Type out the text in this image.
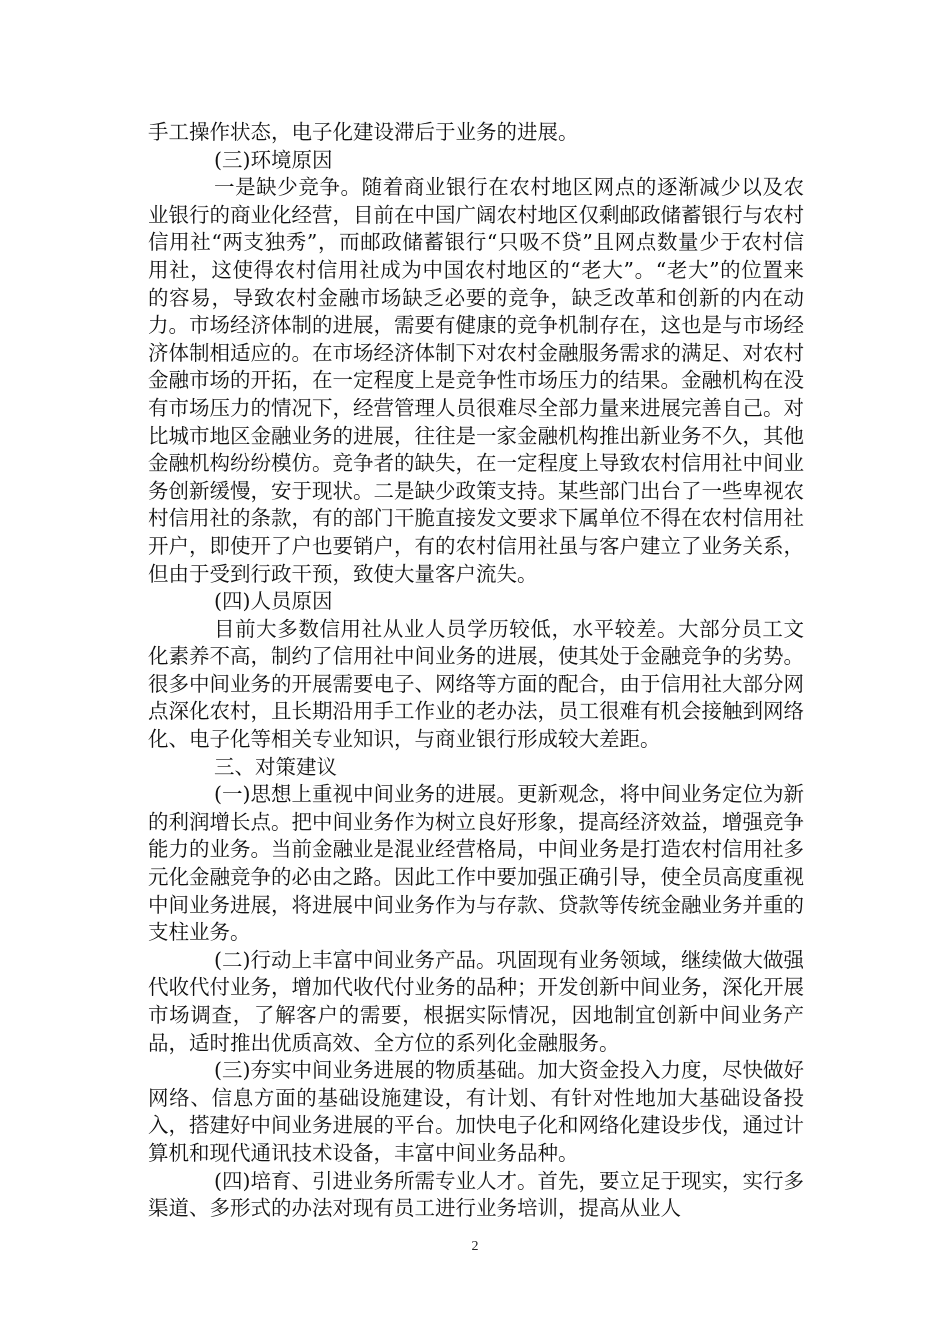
手工操作状态，电子化建设滞后于业务的进展。

(三)环境原因

一是缺少竞争。随着商业银行在农村地区网点的逐渐减少以及农业银行的商业化经营，目前在中国广阔农村地区仅剩邮政储蓄银行与农村信用社“两支独秀”，而邮政储蓄银行“只吸不贷”且网点数量少于农村信用社，这使得农村信用社成为中国农村地区的“老大”。“老大”的位置来的容易，导致农村金融市场缺乏必要的竞争，缺乏改革和创新的内在动力。市场经济体制的进展，需要有健康的竞争机制存在，这也是与市场经济体制相适应的。在市场经济体制下对农村金融服务需求的满足、对农村金融市场的开拓，在一定程度上是竞争性市场压力的结果。金融机构在没有市场压力的情况下，经营管理人员很难尽全部力量来进展完善自己。对比城市地区金融业务的进展，往往是一家金融机构推出新业务不久，其他金融机构纷纷模仿。竞争者的缺失，在一定程度上导致农村信用社中间业务创新缓慢，安于现状。二是缺少政策支持。某些部门出台了一些卑视农村信用社的条款，有的部门干脆直接发文要求下属单位不得在农村信用社开户，即使开了户也要销户，有的农村信用社虽与客户建立了业务关系，但由于受到行政干预，致使大量客户流失。

(四)人员原因

目前大多数信用社从业人员学历较低，水平较差。大部分员工文化素养不高，制约了信用社中间业务的进展，使其处于金融竞争的劣势。很多中间业务的开展需要电子、网络等方面的配合，由于信用社大部分网点深化农村，且长期沿用手工作业的老办法，员工很难有机会接触到网络化、电子化等相关专业知识，与商业银行形成较大差距。

三、对策建议

(一)思想上重视中间业务的进展。更新观念，将中间业务定位为新的利润增长点。把中间业务作为树立良好形象，提高经济效益，增强竞争能力的业务。当前金融业是混业经营格局，中间业务是打造农村信用社多元化金融竞争的必由之路。因此工作中要加强正确引导，使全员高度重视中间业务进展，将进展中间业务作为与存款、贷款等传统金融业务并重的支柱业务。

(二)行动上丰富中间业务产品。巩固现有业务领域，继续做大做强代收代付业务，增加代收代付业务的品种；开发创新中间业务，深化开展市场调查，了解客户的需要，根据实际情况，因地制宜创新中间业务产品，适时推出优质高效、全方位的系列化金融服务。

(三)夯实中间业务进展的物质基础。加大资金投入力度，尽快做好网络、信息方面的基础设施建设，有计划、有针对性地加大基础设备投入，搭建好中间业务进展的平台。加快电子化和网络化建设步伐，通过计算机和现代通讯技术设备，丰富中间业务品种。

(四)培育、引进业务所需专业人才。首先，要立足于现实，实行多渠道、多形式的办法对现有员工进行业务培训，提高从业人

2
